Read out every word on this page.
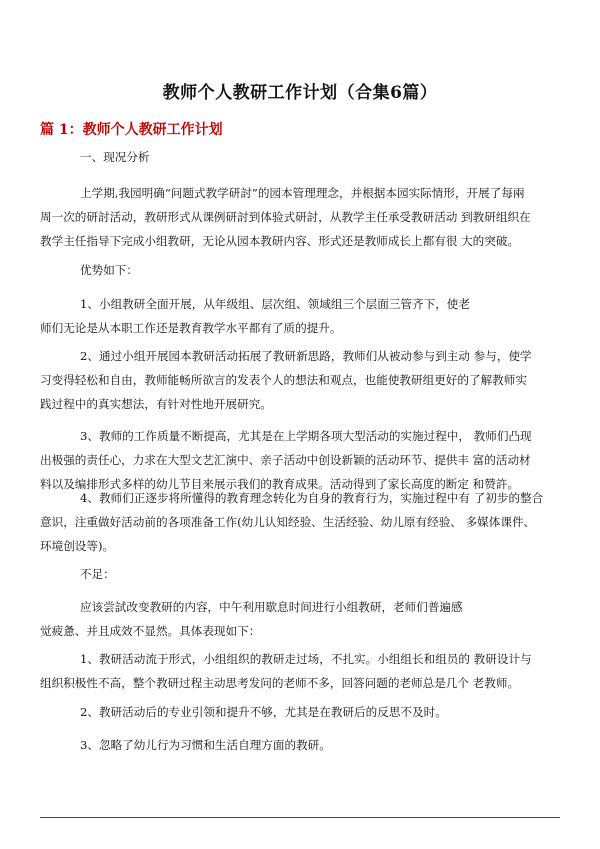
教师个人教研工作计划（合集6篇）
篇 1：教师个人教研工作计划
一、现况分析
上学期,我园明确“问题式教学研討”的园本管理理念，并根据本园实际情形，开展了每兩
周一次的研討活动，教研形式从课例研討到体验式研討，从教学主任承受教研活动 到教研组织在
教学主任指导下完成小组教研，无论从园本教研内容、形式还是教师成长上都有很 大的突破。
优势如下：
1、小组教研全面开展，从年级组、层次组、领域组三个层面三管齐下，使老
师们无论是从本职工作还是教育教学水平都有了质的提升。
2、通过小组开展园本教研活动拓展了教研新思路，教师们从被动参与到主动 参与，使学
习变得轻松和自由，教师能畅所欲言的发表个人的想法和观点，也能使教研组更好的了解教师实
践过程中的真实想法，有针对性地开展研究。
3、教师的工作质量不断提高，尤其是在上学期各项大型活动的实施过程中， 教师们凸现
出极强的责任心，力求在大型文艺汇演中、亲子活动中创设新颖的活动环节、提供丰 富的活动材
料以及编排形式多样的幼儿节目来展示我们的教育成果。活动得到了家长高度的断定 和赞許。
4、教师们正逐步将所懂得的教育理念转化为自身的教育行为，实施过程中有 了初步的整合
意识，注重做好活动前的各项准备工作(幼儿认知经验、生活经验、幼儿原有经验、 多媒体课件、
环境创设等)。
不足：
应该尝試改变教研的内容，中午利用歇息时间进行小组教研，老师们普遍感
觉疲惫、并且成效不显然。具体表现如下：
1、教研活动流于形式，小组组织的教研走过场，不扎实。小组组长和组员的 教研设计与
组织积极性不高，整个教研过程主动思考发问的老师不多，回答问题的老师总是几个 老教师。
2、教研活动后的专业引领和提升不够，尤其是在教研后的反思不及时。
3、忽略了幼儿行为习惯和生活自理方面的教研。
